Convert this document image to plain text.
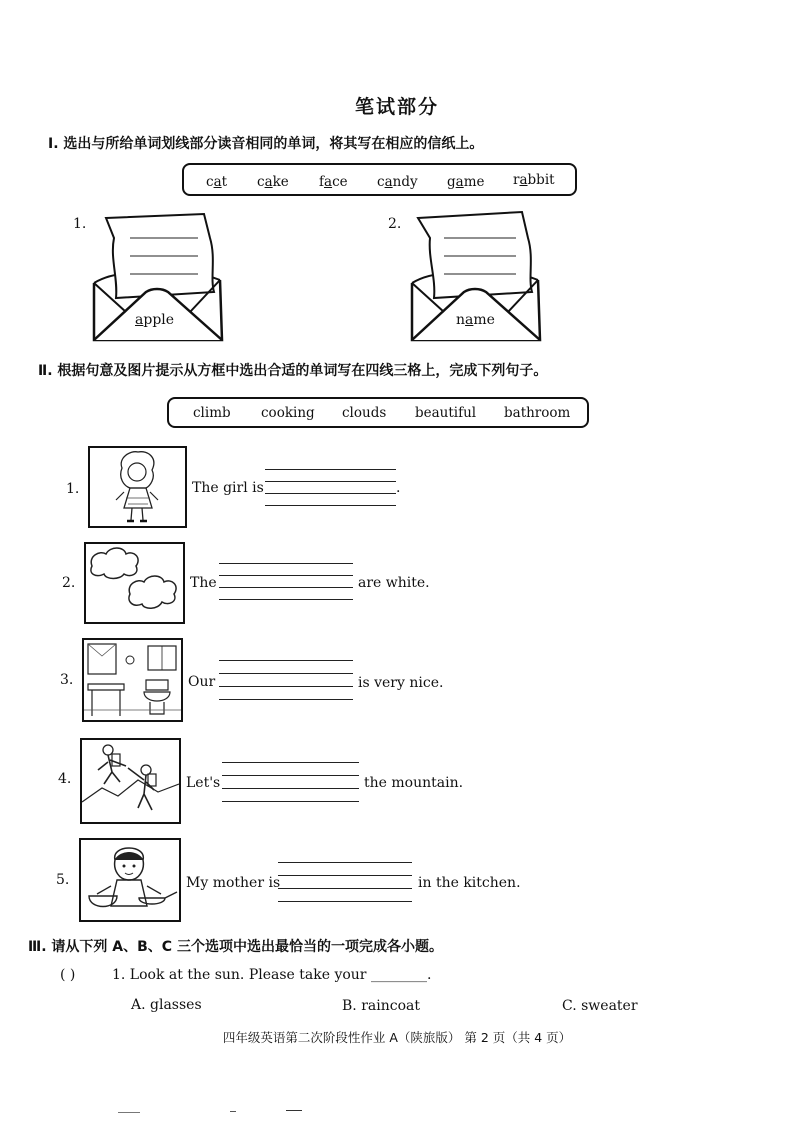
笔试部分
Ⅰ. 选出与所给单词划线部分读音相同的单词，将其写在相应的信纸上。
cat cake face candy game rabbit
1.
apple
2.
name
Ⅱ. 根据句意及图片提示从方框中选出合适的单词写在四线三格上，完成下列句子。
climb cooking clouds beautiful bathroom
1.	The girl is	.
2.	The	are white.
3.	Our	is very nice.
4.	Let's	the mountain.
5.	My mother is	in the kitchen.
Ⅲ. 请从下列 A、B、C 三个选项中选出最恰当的一项完成各小题。
( )	1. Look at the sun. Please take your ________.
A. glasses	B. raincoat	C. sweater
四年级英语第二次阶段性作业 A（陕旅版） 第 2 页（共 4 页）
